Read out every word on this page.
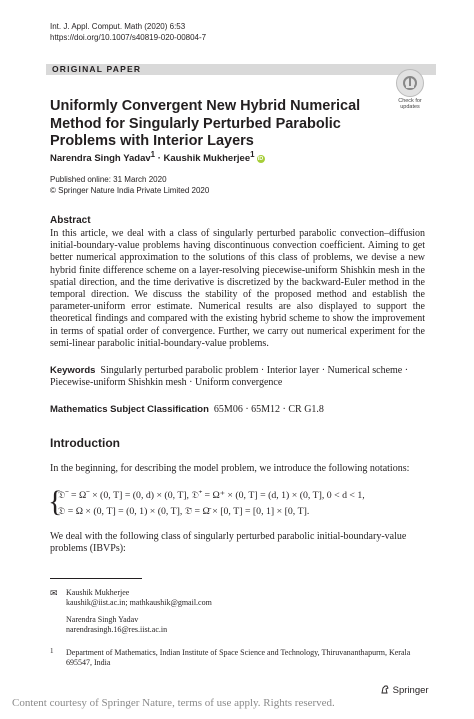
Int. J. Appl. Comput. Math (2020) 6:53
https://doi.org/10.1007/s40819-020-00804-7
ORIGINAL PAPER
Check for
updates
Uniformly Convergent New Hybrid Numerical Method for Singularly Perturbed Parabolic Problems with Interior Layers
Narendra Singh Yadav$^1$ · Kaushik Mukherjee$^1$ iD
Published online: 31 March 2020
© Springer Nature India Private Limited 2020
Abstract
In this article, we deal with a class of singularly perturbed parabolic convection–diffusion initial-boundary-value problems having discontinuous convection coefficient. Aiming to get better numerical approximation to the solutions of this class of problems, we devise a new hybrid finite difference scheme on a layer-resolving piecewise-uniform Shishkin mesh in the spatial direction, and the time derivative is discretized by the backward-Euler method in the temporal direction. We discuss the stability of the proposed method and establish the parameter-uniform error estimate. Numerical results are also displayed to support the theoretical findings and compared with the existing hybrid scheme to show the improvement in terms of spatial order of convergence. Further, we carry out numerical experiment for the semi-linear parabolic initial-boundary-value problems.
Keywords Singularly perturbed parabolic problem · Interior layer · Numerical scheme · Piecewise-uniform Shishkin mesh · Uniform convergence
Mathematics Subject Classification 65M06 · 65M12 · CR G1.8
Introduction
In the beginning, for describing the model problem, we introduce the following notations:
{
𝔇⁻ = Ω⁻ × (0, T] = (0, d) × (0, T], 𝔇⁺ = Ω⁺ × (0, T] = (d, 1) × (0, T], 0 < d < 1,
𝔇 = Ω × (0, T] = (0, 1) × (0, T], 𝔇̄ = Ω̄ × [0, T] = [0, 1] × [0, T].
We deal with the following class of singularly perturbed parabolic initial-boundary-value problems (IBVPs):
✉ Kaushik Mukherjee
kaushik@iist.ac.in; mathkaushik@gmail.com
Narendra Singh Yadav
narendrasingh.16@res.iist.ac.in
1 Department of Mathematics, Indian Institute of Space Science and Technology, Thiruvananthapurm, Kerala 695547, India
Springer
Content courtesy of Springer Nature, terms of use apply. Rights reserved.
